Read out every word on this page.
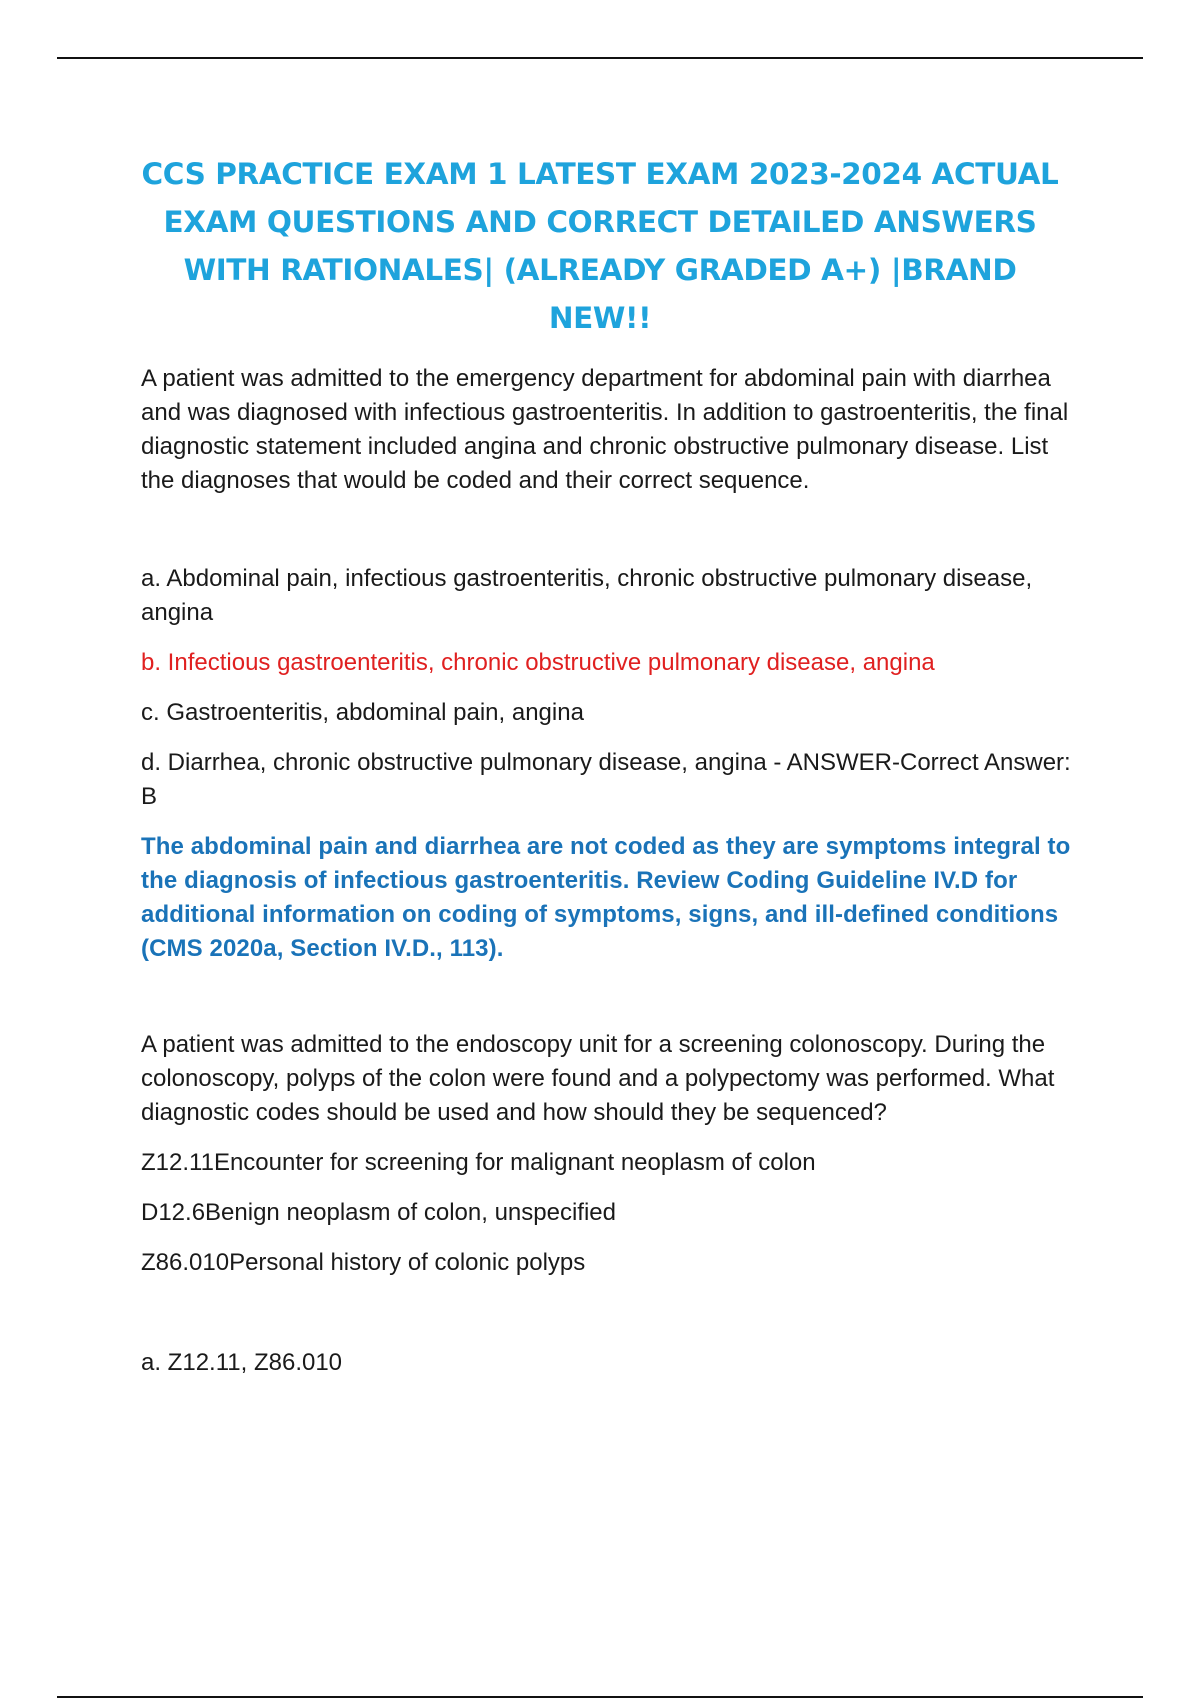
CCS PRACTICE EXAM 1 LATEST EXAM 2023-2024 ACTUAL EXAM QUESTIONS AND CORRECT DETAILED ANSWERS WITH RATIONALES| (ALREADY GRADED A+) |BRAND NEW!!

A patient was admitted to the emergency department for abdominal pain with diarrhea and was diagnosed with infectious gastroenteritis. In addition to gastroenteritis, the final diagnostic statement included angina and chronic obstructive pulmonary disease. List the diagnoses that would be coded and their correct sequence.

a. Abdominal pain, infectious gastroenteritis, chronic obstructive pulmonary disease, angina

b. Infectious gastroenteritis, chronic obstructive pulmonary disease, angina

c. Gastroenteritis, abdominal pain, angina

d. Diarrhea, chronic obstructive pulmonary disease, angina - ANSWER-Correct Answer: B

The abdominal pain and diarrhea are not coded as they are symptoms integral to the diagnosis of infectious gastroenteritis. Review Coding Guideline IV.D for additional information on coding of symptoms, signs, and ill-defined conditions (CMS 2020a, Section IV.D., 113).

A patient was admitted to the endoscopy unit for a screening colonoscopy. During the colonoscopy, polyps of the colon were found and a polypectomy was performed. What diagnostic codes should be used and how should they be sequenced?

Z12.11Encounter for screening for malignant neoplasm of colon

D12.6Benign neoplasm of colon, unspecified

Z86.010Personal history of colonic polyps

a. Z12.11, Z86.010
